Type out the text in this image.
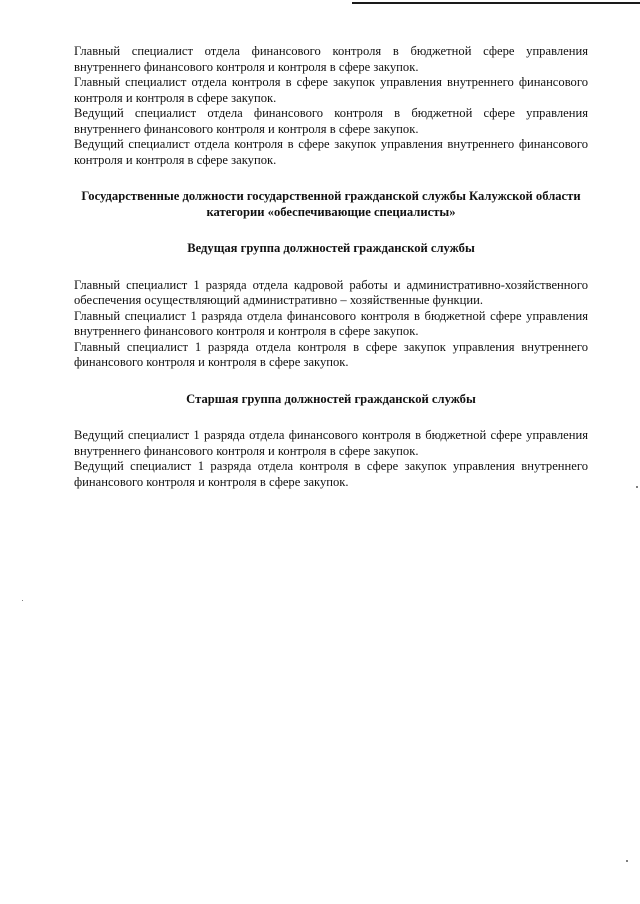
Главный специалист отдела финансового контроля в бюджетной сфере управления внутреннего финансового контроля и контроля в сфере закупок.

Главный специалист отдела контроля в сфере закупок управления внутреннего финансового контроля и контроля в сфере закупок.

Ведущий специалист отдела финансового контроля в бюджетной сфере управления внутреннего финансового контроля и контроля в сфере закупок.

Ведущий специалист отдела контроля в сфере закупок управления внутреннего финансового контроля и контроля в сфере закупок.

Государственные должности государственной гражданской службы Калужской области

категории «обеспечивающие специалисты»

Ведущая группа должностей гражданской службы

Главный специалист 1 разряда отдела кадровой работы и административно-хозяйственного обеспечения осуществляющий административно – хозяйственные функции.

Главный специалист 1 разряда отдела финансового контроля в бюджетной сфере управления внутреннего финансового контроля и контроля в сфере закупок.

Главный специалист 1 разряда отдела контроля в сфере закупок управления внутреннего финансового контроля и контроля в сфере закупок.

Старшая группа должностей гражданской службы

Ведущий специалист 1 разряда отдела финансового контроля в бюджетной сфере управления внутреннего финансового контроля и контроля в сфере закупок.

Ведущий специалист 1 разряда отдела контроля в сфере закупок управления внутреннего финансового контроля и контроля в сфере закупок.
